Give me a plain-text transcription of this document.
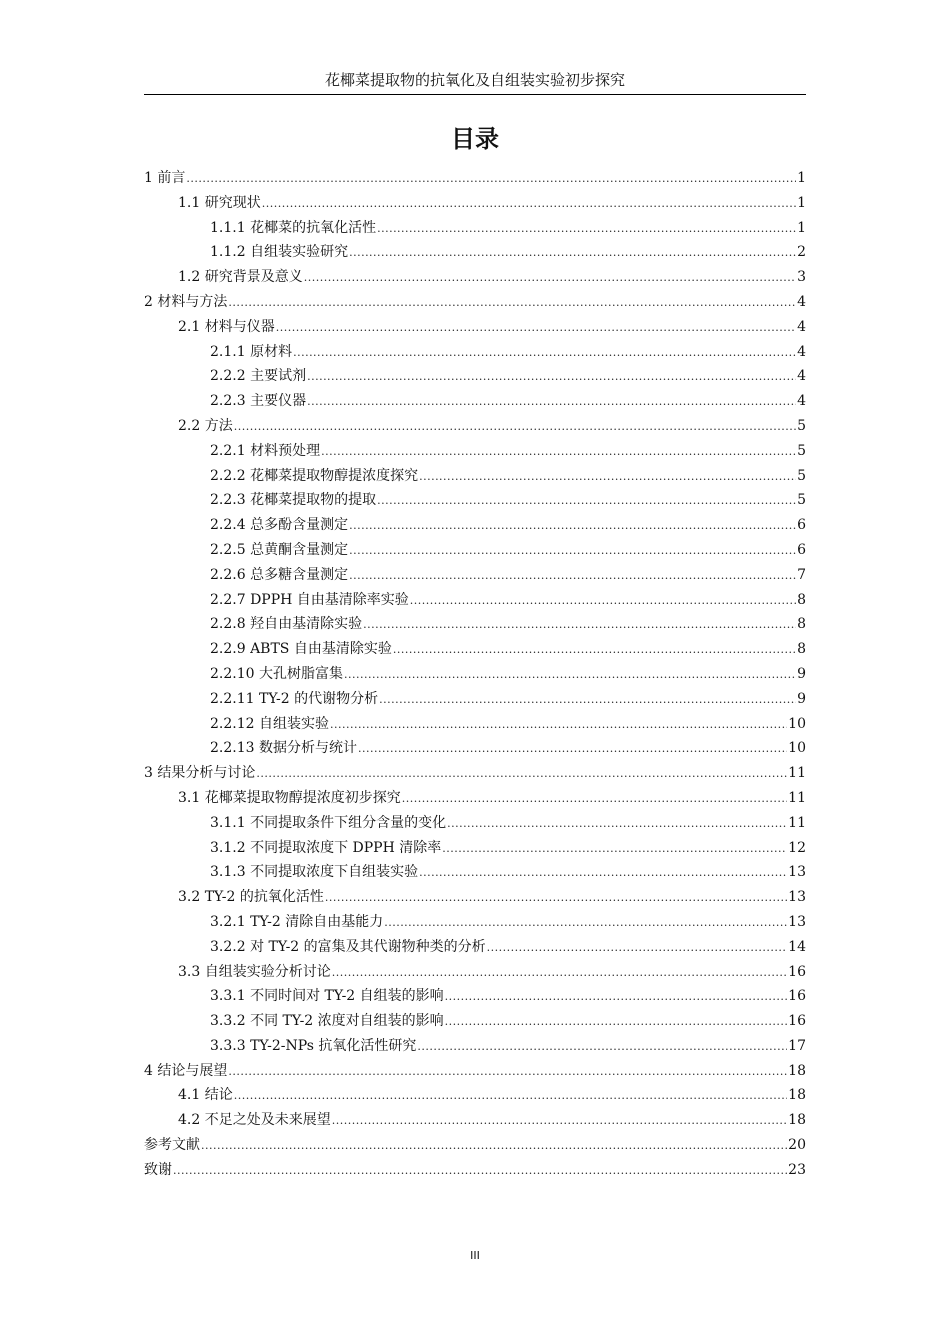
花椰菜提取物的抗氧化及自组装实验初步探究
目录
1 前言 .....	1
1.1 研究现状 .....	1
1.1.1 花椰菜的抗氧化活性 .....	1
1.1.2 自组装实验研究 .....	2
1.2 研究背景及意义 .....	3
2 材料与方法 .....	4
2.1 材料与仪器 .....	4
2.1.1 原材料 .....	4
2.2.2 主要试剂 .....	4
2.2.3 主要仪器 .....	4
2.2 方法 .....	5
2.2.1 材料预处理 .....	5
2.2.2 花椰菜提取物醇提浓度探究 .....	5
2.2.3 花椰菜提取物的提取 .....	5
2.2.4 总多酚含量测定 .....	6
2.2.5 总黄酮含量测定 .....	6
2.2.6 总多糖含量测定 .....	7
2.2.7 DPPH 自由基清除率实验 .....	8
2.2.8 羟自由基清除实验 .....	8
2.2.9 ABTS 自由基清除实验 .....	8
2.2.10 大孔树脂富集 .....	9
2.2.11 TY-2 的代谢物分析 .....	9
2.2.12 自组装实验 .....	10
2.2.13 数据分析与统计 .....	10
3 结果分析与讨论 .....	11
3.1 花椰菜提取物醇提浓度初步探究 .....	11
3.1.1 不同提取条件下组分含量的变化 .....	11
3.1.2 不同提取浓度下 DPPH 清除率 .....	12
3.1.3 不同提取浓度下自组装实验 .....	13
3.2 TY-2 的抗氧化活性 .....	13
3.2.1 TY-2 清除自由基能力 .....	13
3.2.2 对 TY-2 的富集及其代谢物种类的分析 .....	14
3.3 自组装实验分析讨论 .....	16
3.3.1 不同时间对 TY-2 自组装的影响 .....	16
3.3.2 不同 TY-2 浓度对自组装的影响 .....	16
3.3.3 TY-2-NPs 抗氧化活性研究 .....	17
4 结论与展望 .....	18
4.1 结论 .....	18
4.2 不足之处及未来展望 .....	18
参考文献 .....	20
致谢 .....	23
III
